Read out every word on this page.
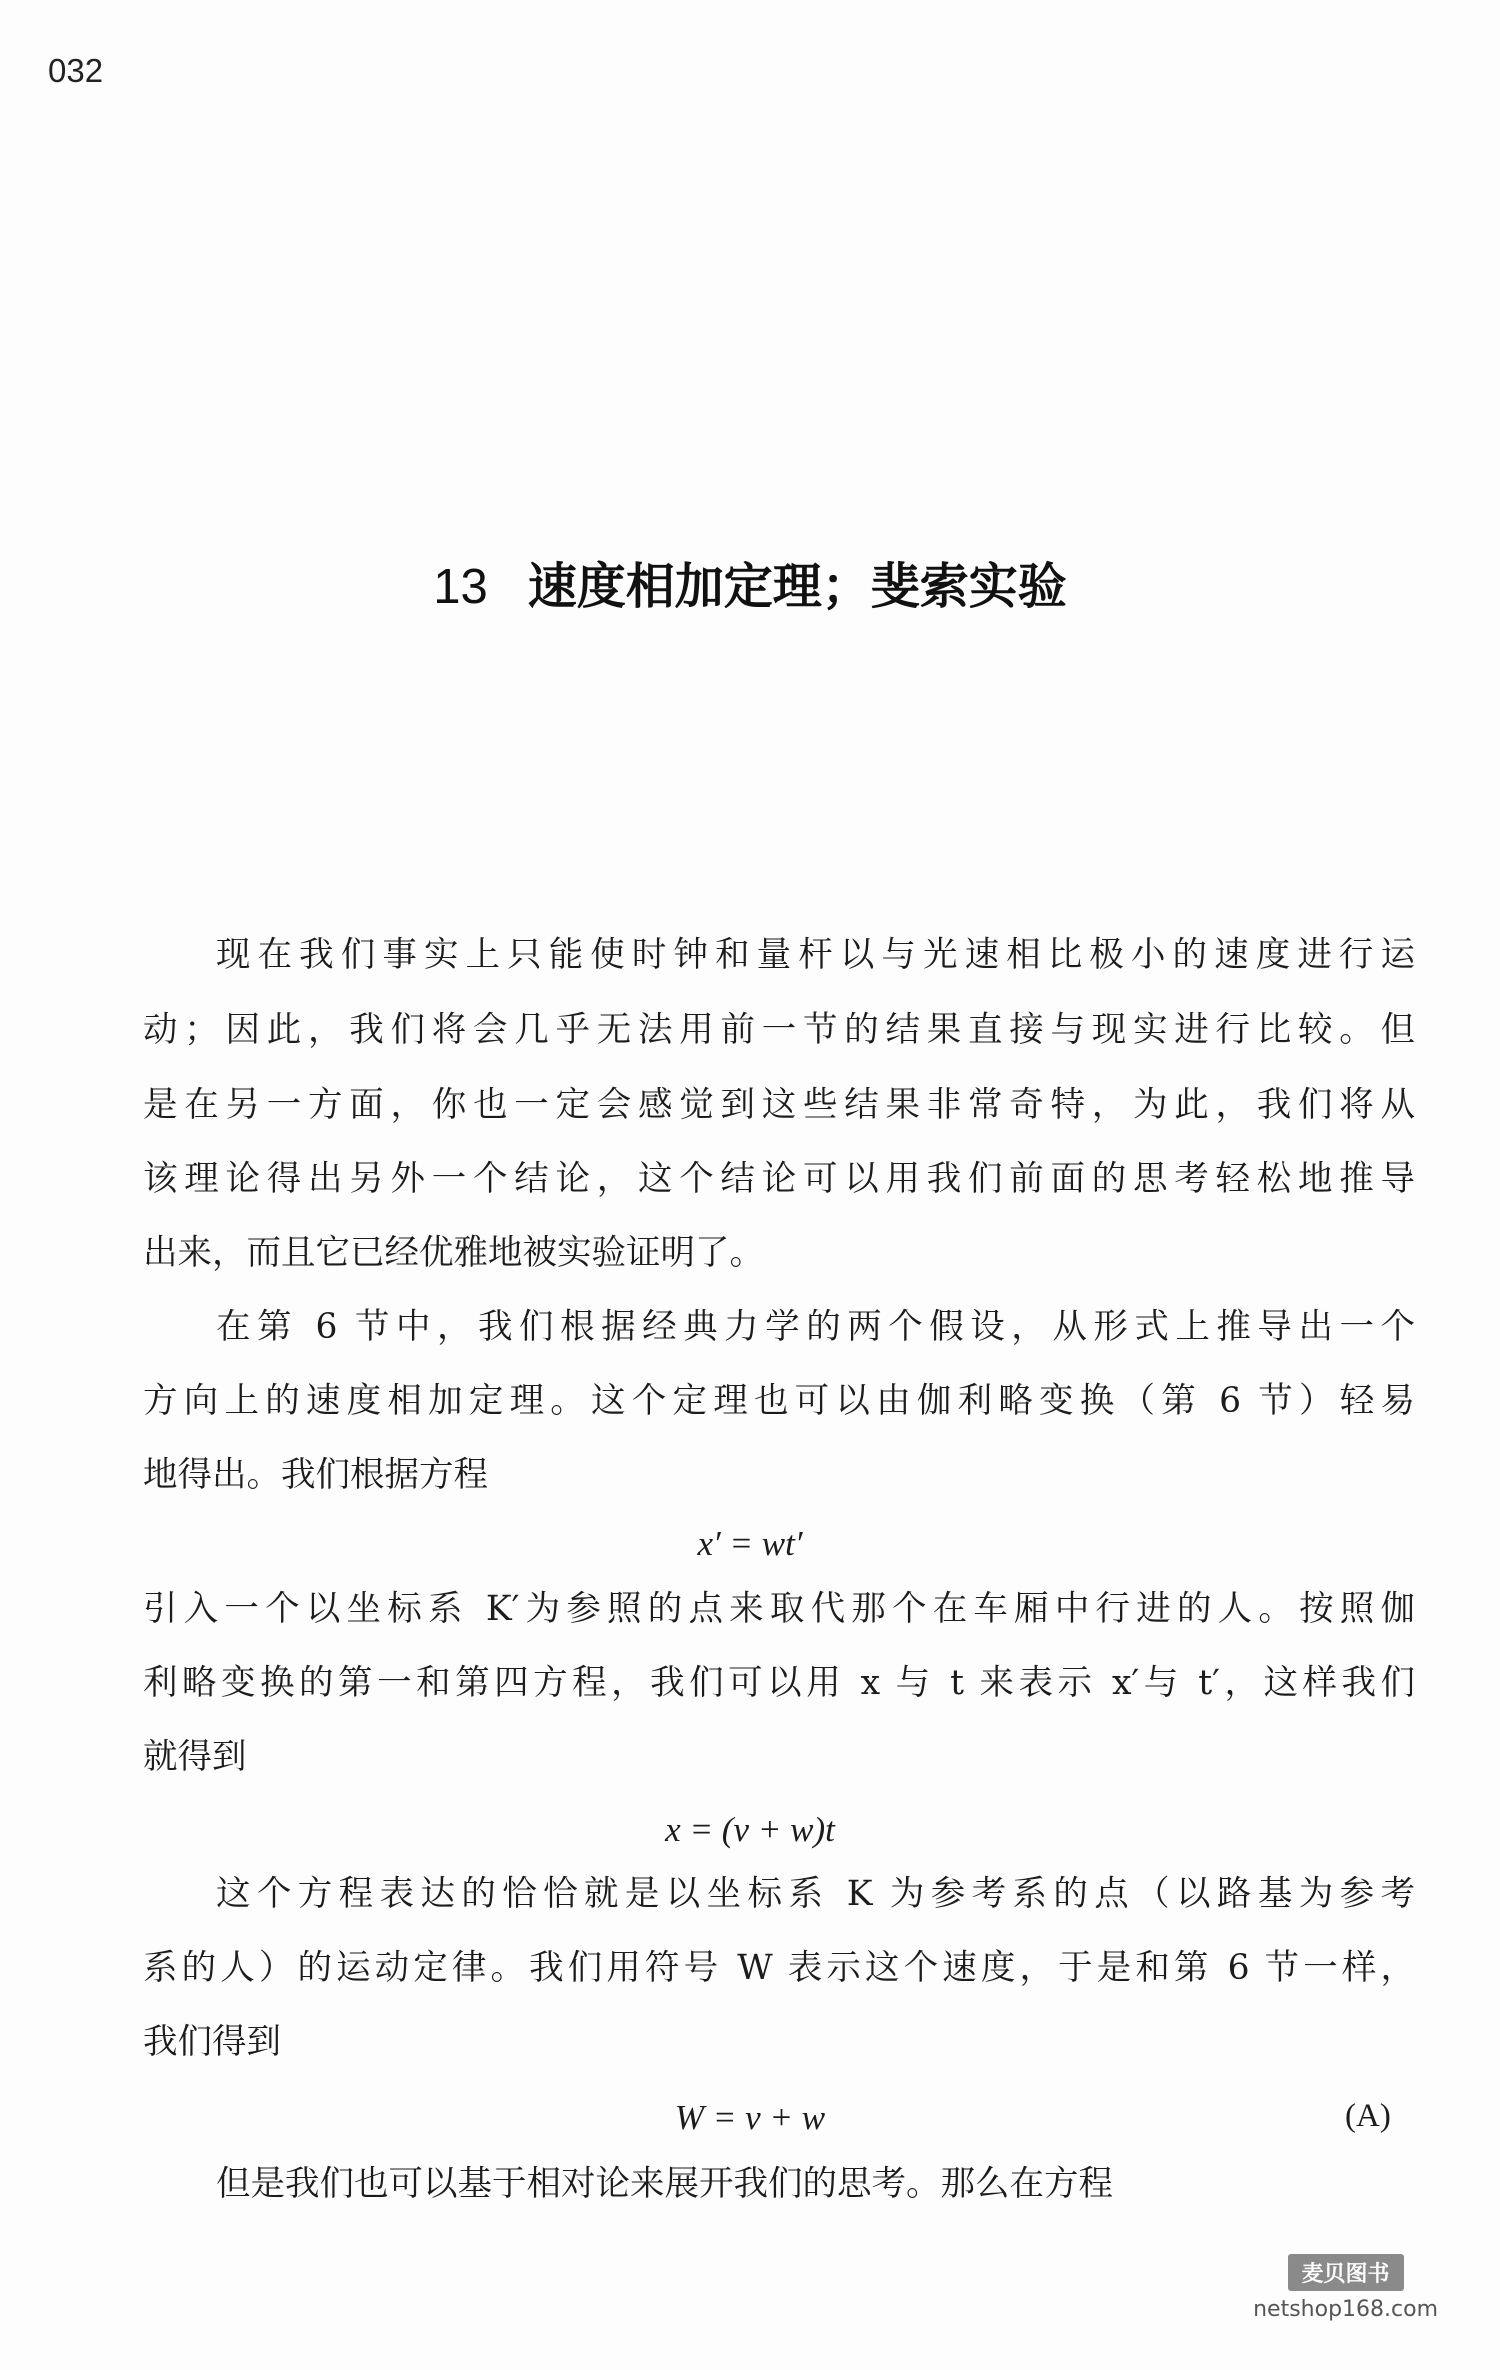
032
13 速度相加定理；斐索实验
现在我们事实上只能使时钟和量杆以与光速相比极小的速度进行运
动；因此，我们将会几乎无法用前一节的结果直接与现实进行比较。但
是在另一方面，你也一定会感觉到这些结果非常奇特，为此，我们将从
该理论得出另外一个结论，这个结论可以用我们前面的思考轻松地推导
出来，而且它已经优雅地被实验证明了。
在第 6 节中，我们根据经典力学的两个假设，从形式上推导出一个
方向上的速度相加定理。这个定理也可以由伽利略变换（第 6 节）轻易
地得出。我们根据方程
x′ = wt′
引入一个以坐标系 K′为参照的点来取代那个在车厢中行进的人。按照伽
利略变换的第一和第四方程，我们可以用 x 与 t 来表示 x′与 t′，这样我们
就得到
x = (v + w)t
这个方程表达的恰恰就是以坐标系 K 为参考系的点（以路基为参考
系的人）的运动定律。我们用符号 W 表示这个速度，于是和第 6 节一样，
我们得到
W = v + w	(A)
但是我们也可以基于相对论来展开我们的思考。那么在方程
麦贝图书
netshop168.com
